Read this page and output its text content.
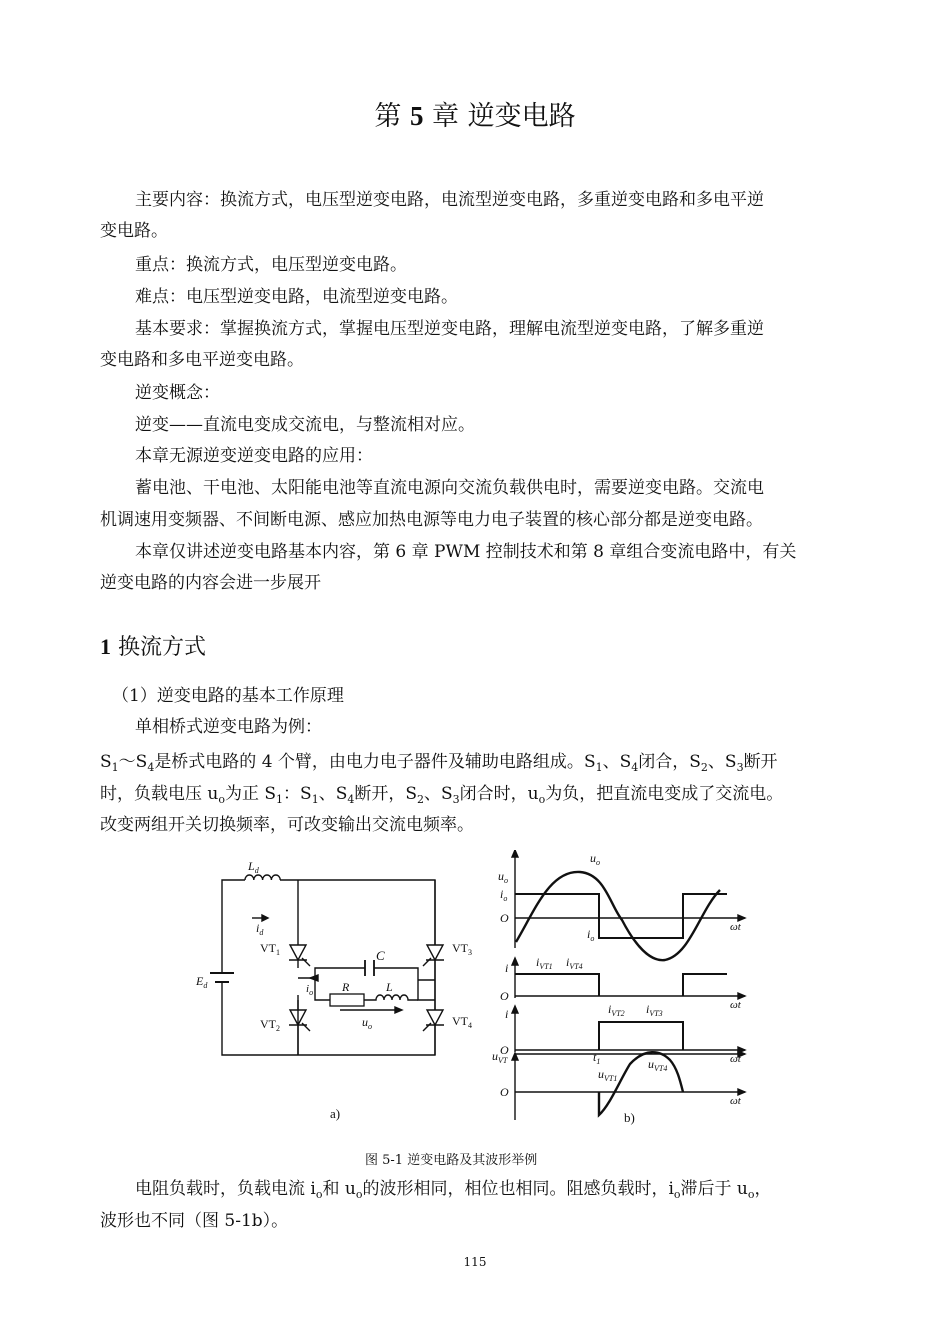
第 5 章 逆变电路
主要内容：换流方式，电压型逆变电路，电流型逆变电路，多重逆变电路和多电平逆
变电路。
重点：换流方式，电压型逆变电路。
难点：电压型逆变电路，电流型逆变电路。
基本要求：掌握换流方式，掌握电压型逆变电路，理解电流型逆变电路，了解多重逆
变电路和多电平逆变电路。
逆变概念：
逆变——直流电变成交流电，与整流相对应。
本章无源逆变逆变电路的应用：
蓄电池、干电池、太阳能电池等直流电源向交流负载供电时，需要逆变电路。交流电
机调速用变频器、不间断电源、感应加热电源等电力电子装置的核心部分都是逆变电路。
本章仅讲述逆变电路基本内容，第 6 章 PWM 控制技术和第 8 章组合变流电路中，有关
逆变电路的内容会进一步展开
1 换流方式
（1）逆变电路的基本工作原理
单相桥式逆变电路为例：
$S_1\sim S_4$是桥式电路的 4 个臂，由电力电子器件及辅助电路组成。$S_1$、$S_4$闭合，$S_2$、$S_3$断开
时，负载电压 $u_o$为正 $S_1$：$S_1$、$S_4$断开，$S_2$、$S_3$闭合时，$u_o$为负，把直流电变成了交流电。
改变两组开关切换频率，可改变输出交流电频率。
$L_d$
$i_d$
$E_d$
$VT_1$
$VT_2$
$VT_3$
$VT_4$
C
R	L
$i_o$
$u_o$
a)
$u_o$
$u_o$
$i_o$
O
$i_o$
ωt
i $i_{VT1}$ $i_{VT4}$
O
ωt
i	$i_{VT2}$ $i_{VT3}$
O
ωt
$u_{VT}$	$t_1$
$u_{VT1}$
$u_{VT4}$
O
ωt
b)
图 5-1 逆变电路及其波形举例
电阻负载时，负载电流 $i_o$和 $u_o$的波形相同，相位也相同。阻感负载时，$i_o$滞后于 $u_o$，
波形也不同（图 5-1b）。
115
